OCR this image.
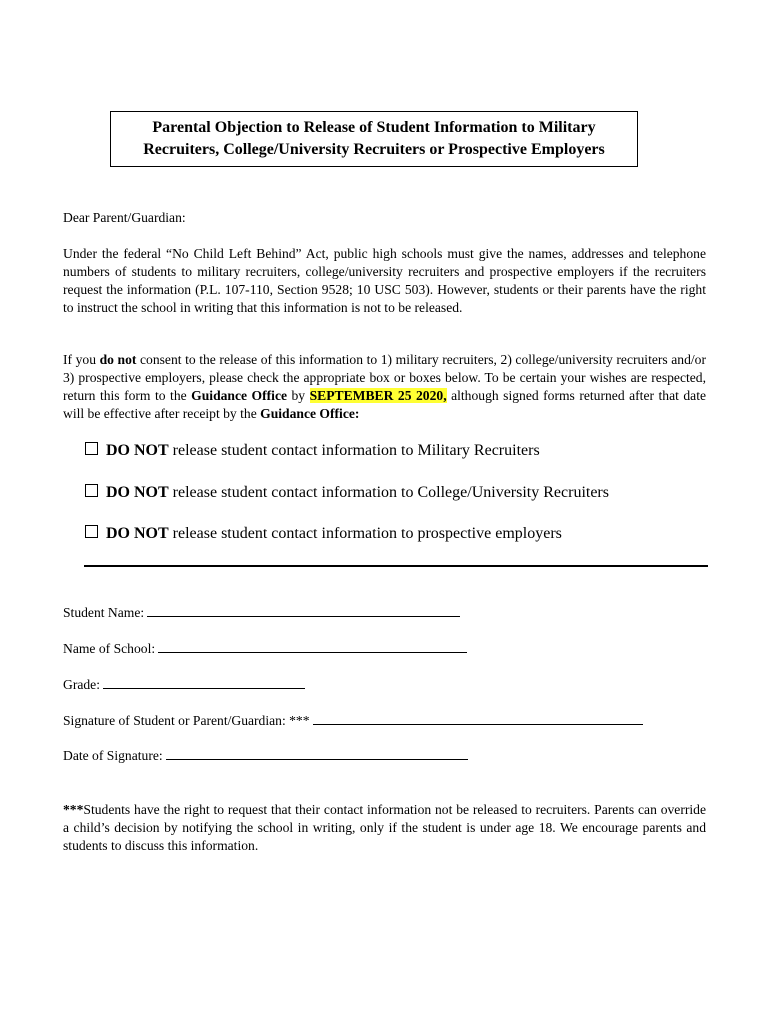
Parental Objection to Release of Student Information to Military
Recruiters, College/University Recruiters or Prospective Employers
Dear Parent/Guardian:
Under the federal “No Child Left Behind” Act, public high schools must give the names, addresses and telephone numbers of students to military recruiters, college/university recruiters and prospective employers if the recruiters request the information (P.L. 107-110, Section 9528; 10 USC 503). However, students or their parents have the right to instruct the school in writing that this information is not to be released.
If you do not consent to the release of this information to 1) military recruiters, 2) college/university recruiters and/or 3) prospective employers, please check the appropriate box or boxes below. To be certain your wishes are respected, return this form to the Guidance Office by SEPTEMBER 25 2020, although signed forms returned after that date will be effective after receipt by the Guidance Office:
DO NOT release student contact information to Military Recruiters
DO NOT release student contact information to College/University Recruiters
DO NOT release student contact information to prospective employers
Student Name:
Name of School:
Grade:
Signature of Student or Parent/Guardian: ***
Date of Signature:
***Students have the right to request that their contact information not be released to recruiters. Parents can override a child’s decision by notifying the school in writing, only if the student is under age 18. We encourage parents and students to discuss this information.
